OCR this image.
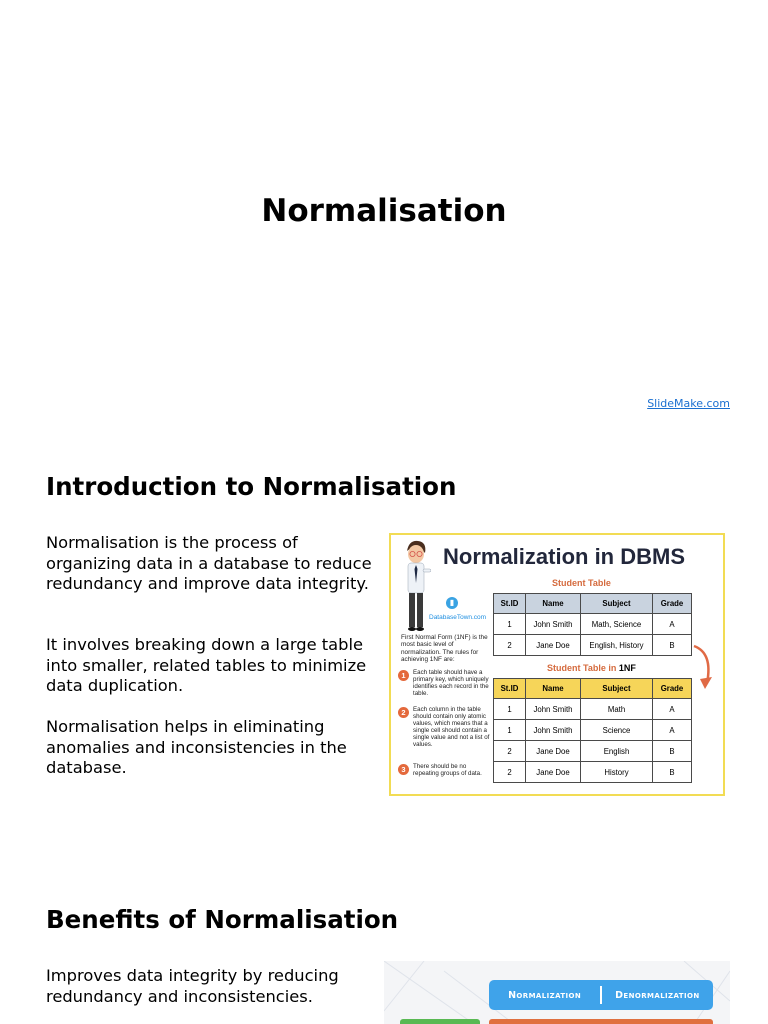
Normalisation
SlideMake.com
Introduction to Normalisation

Normalisation is the process of organizing data in a database to reduce redundancy and improve data integrity.

It involves breaking down a large table into smaller, related tables to minimize data duplication.

Normalisation helps in eliminating anomalies and inconsistencies in the database.

▮
DatabaseTown.com
Normalization in DBMS
Student Table
St.ID	Name	Subject	Grade
1	John Smith	Math, Science	A
2	Jane Doe	English, History	B
First Normal Form (1NF) is the most basic level of normalization. The rules for achieving 1NF are:
1	Each table should have a primary key, which uniquely identifies each record in the table.
2	Each column in the table should contain only atomic values, which means that a single cell should contain a single value and not a list of values.
3	There should be no repeating groups of data.
Student Table in 1NF
St.ID	Name	Subject	Grade
1	John Smith	Math	A
1	John Smith	Science	A
2	Jane Doe	English	B
2	Jane Doe	History	B
Benefits of Normalisation

Improves data integrity by reducing redundancy and inconsistencies.	Normalization	Denormalization
